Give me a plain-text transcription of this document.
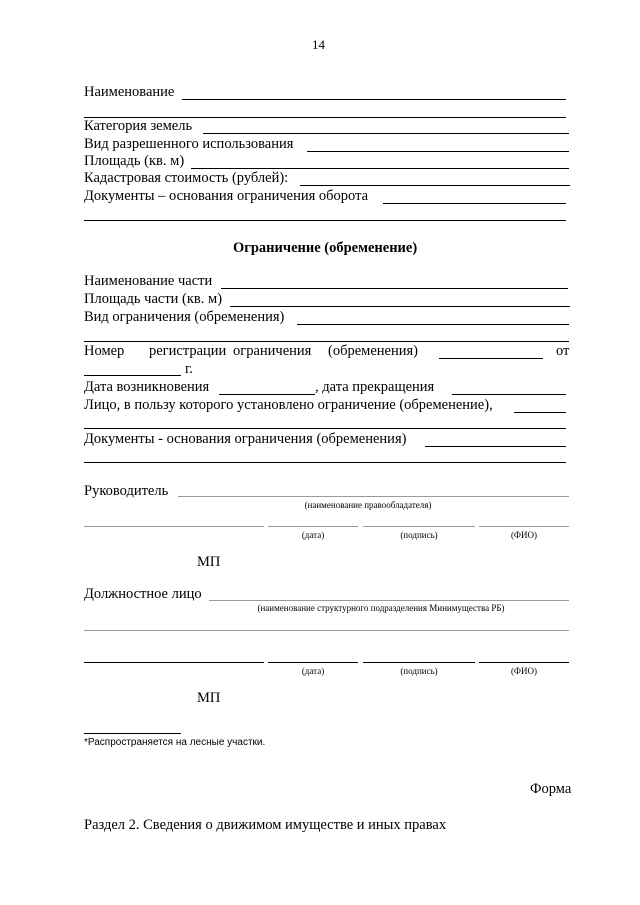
14
Наименование
Категория земель
Вид разрешенного использования
Площадь (кв. м)
Кадастровая стоимость (рублей):
Документы – основания ограничения оборота
Ограничение (обременение)
Наименование части
Площадь части (кв. м)
Вид ограничения (обременения)
Номер регистрации ограничения (обременения)	от
г.
Дата возникновения	, дата прекращения
Лицо, в пользу которого установлено ограничение (обременение),
Документы - основания ограничения (обременения)
Руководитель
(наименование правообладателя)
(дата)	(подпись)	(ФИО)
МП
Должностное лицо
(наименование структурного подразделения Минимущества РБ)
(дата)	(подпись)	(ФИО)
МП
*Распространяется на лесные участки.
Форма
Раздел 2. Сведения о движимом имуществе и иных правах
